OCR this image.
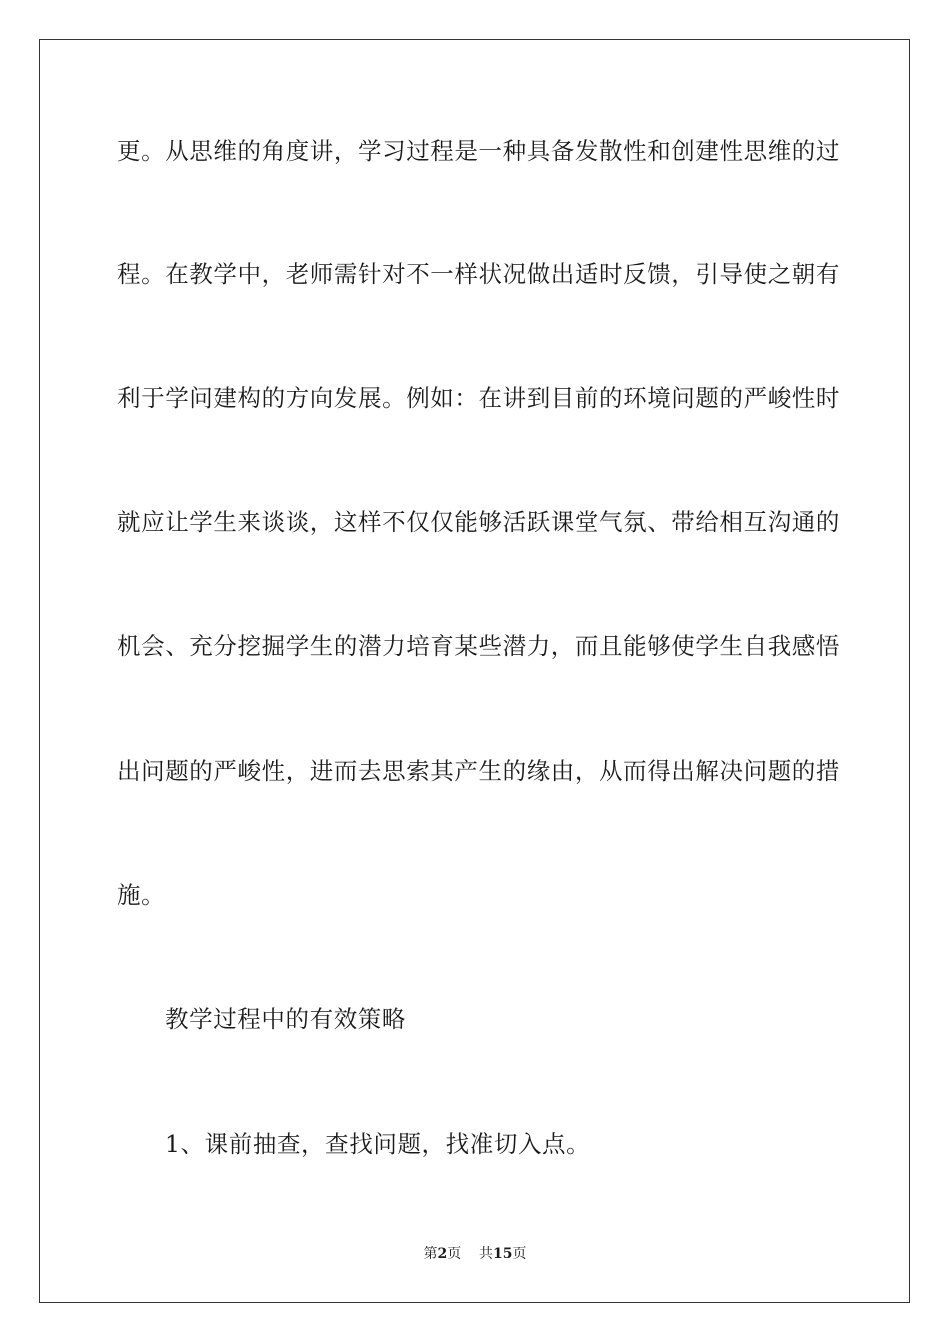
更。从思维的角度讲，学习过程是一种具备发散性和创建性思维的过
程。在教学中，老师需针对不一样状况做出适时反馈，引导使之朝有
利于学问建构的方向发展。例如：在讲到目前的环境问题的严峻性时
就应让学生来谈谈，这样不仅仅能够活跃课堂气氛、带给相互沟通的
机会、充分挖掘学生的潜力培育某些潜力，而且能够使学生自我感悟
出问题的严峻性，进而去思索其产生的缘由，从而得出解决问题的措
施。
教学过程中的有效策略
1、课前抽查，查找问题，找准切入点。
第2页 共15页
